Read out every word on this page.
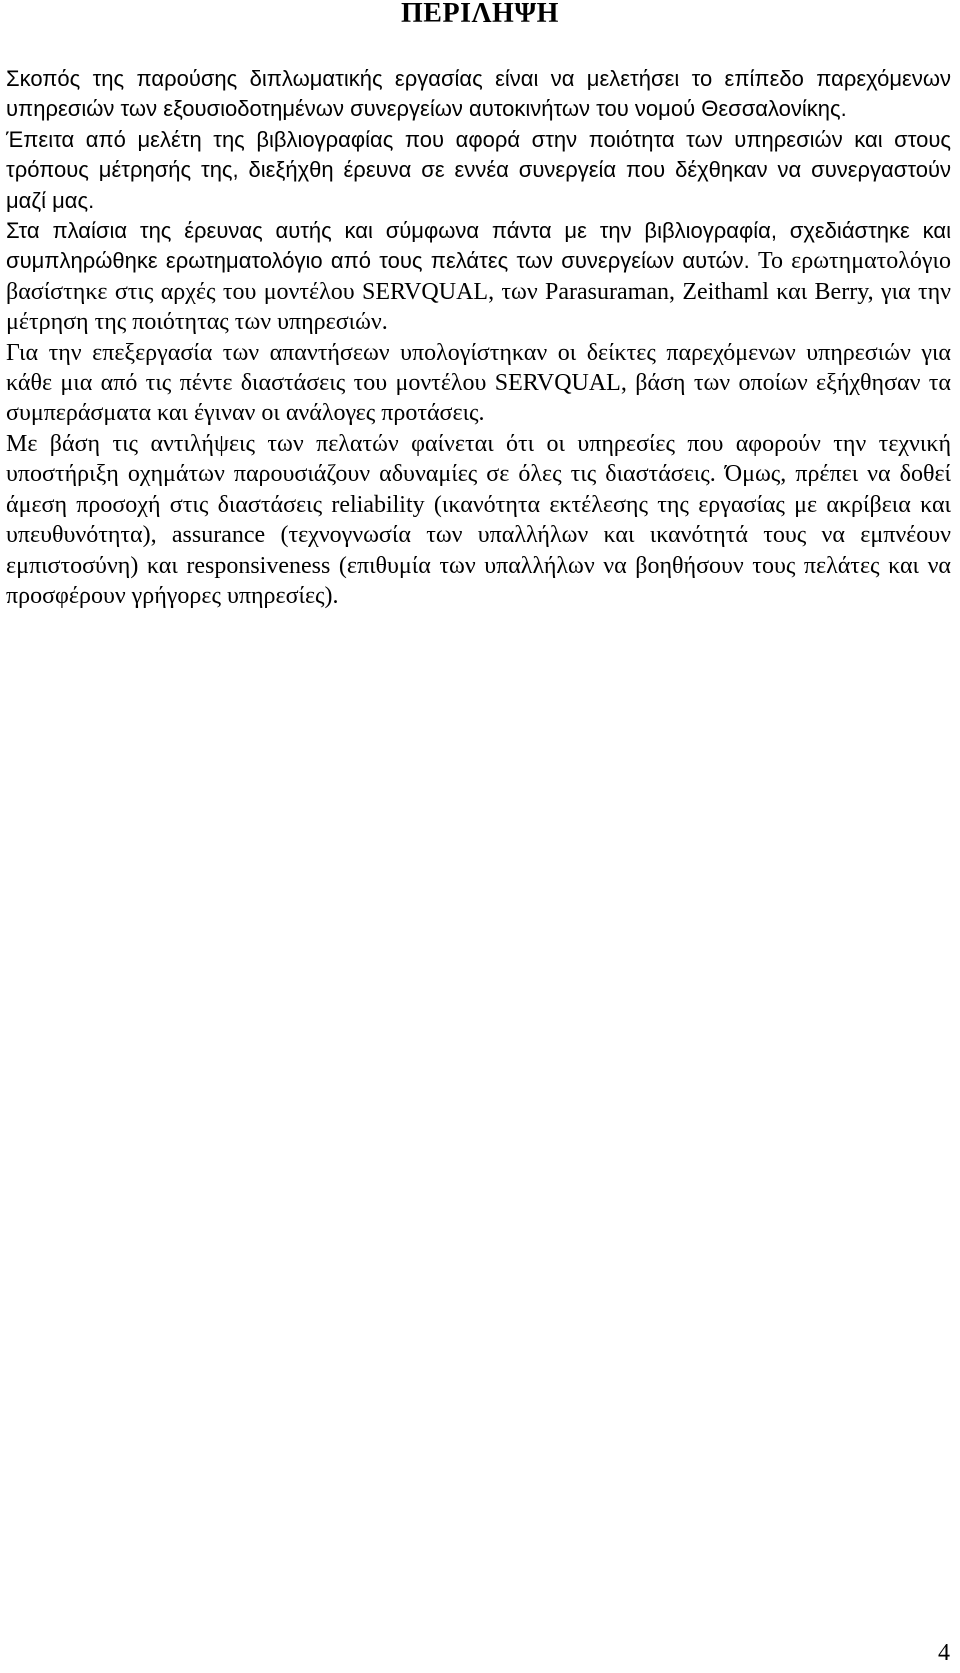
ΠΕΡΙΛΗΨΗ

Σκοπός της παρούσης διπλωματικής εργασίας είναι να μελετήσει το επίπεδο παρεχόμενων υπηρεσιών των εξουσιοδοτημένων συνεργείων αυτοκινήτων του νομού Θεσσαλονίκης.

Έπειτα από μελέτη της βιβλιογραφίας που αφορά στην ποιότητα των υπηρεσιών και στους τρόπους μέτρησής της, διεξήχθη έρευνα σε εννέα συνεργεία που δέχθηκαν να συνεργαστούν μαζί μας.

Στα πλαίσια της έρευνας αυτής και σύμφωνα πάντα με την βιβλιογραφία, σχεδιάστηκε και συμπληρώθηκε ερωτηματολόγιο από τους πελάτες των συνεργείων αυτών. Το ερωτηματολόγιο βασίστηκε στις αρχές του μοντέλου SERVQUAL, των Parasuraman, Zeithaml και Berry, για την μέτρηση της ποιότητας των υπηρεσιών.

Για την επεξεργασία των απαντήσεων υπολογίστηκαν οι δείκτες παρεχόμενων υπηρεσιών για κάθε μια από τις πέντε διαστάσεις του μοντέλου SERVQUAL, βάση των οποίων εξήχθησαν τα συμπεράσματα και έγιναν οι ανάλογες προτάσεις.

Με βάση τις αντιλήψεις των πελατών φαίνεται ότι οι υπηρεσίες που αφορούν την τεχνική υποστήριξη οχημάτων παρουσιάζουν αδυναμίες σε όλες τις διαστάσεις. Όμως, πρέπει να δοθεί άμεση προσοχή στις διαστάσεις reliability (ικανότητα εκτέλεσης της εργασίας με ακρίβεια και υπευθυνότητα), assurance (τεχνογνωσία των υπαλλήλων και ικανότητά τους να εμπνέουν εμπιστοσύνη) και responsiveness (επιθυμία των υπαλλήλων να βοηθήσουν τους πελάτες και να προσφέρουν γρήγορες υπηρεσίες).

4
